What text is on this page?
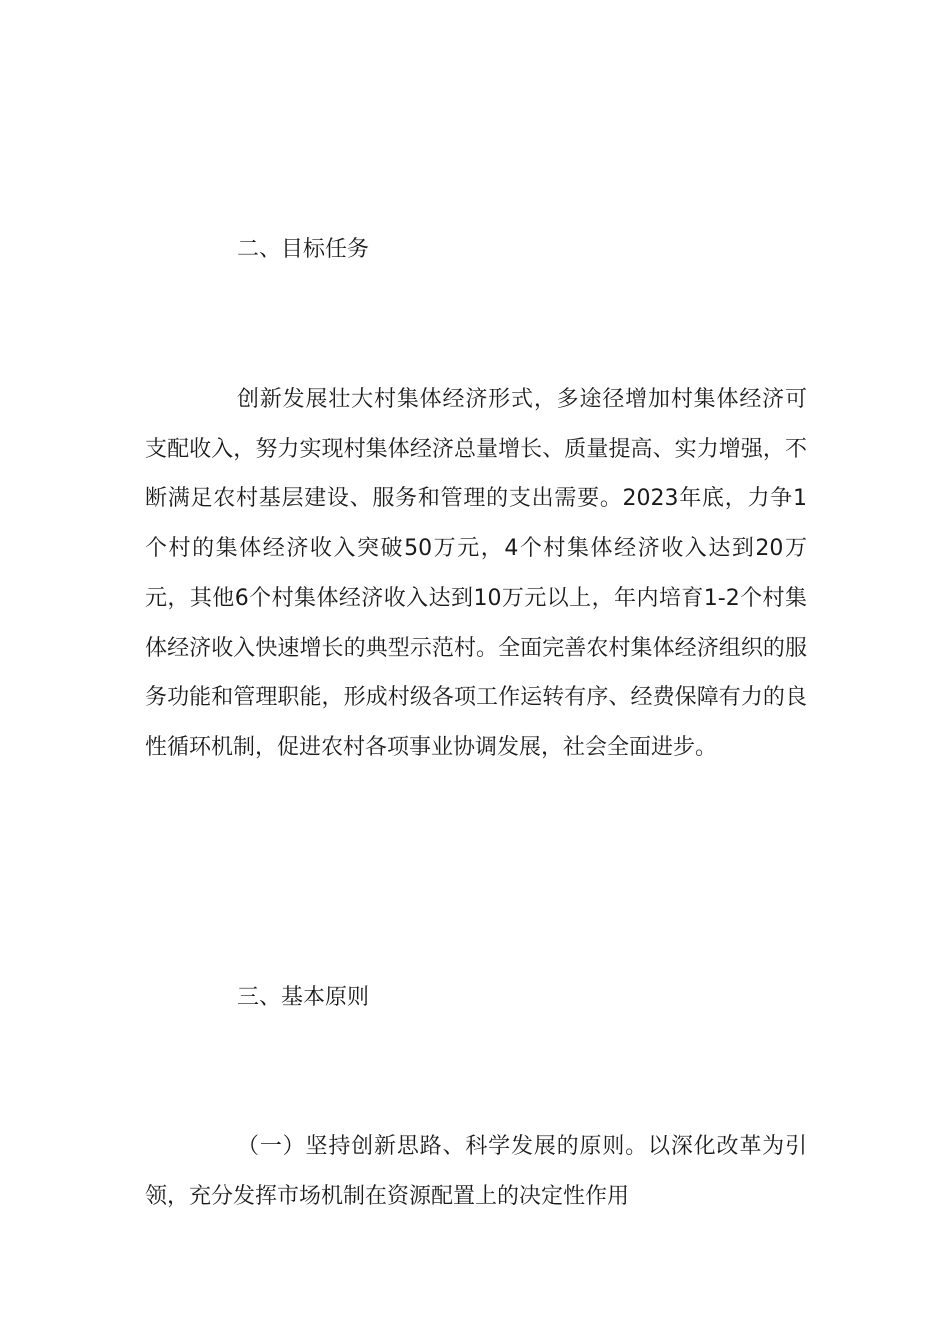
二、目标任务
创新发展壮大村集体经济形式，多途径增加村集体经济可支配收入，努力实现村集体经济总量增长、质量提高、实力增强，不断满足农村基层建设、服务和管理的支出需要。2023年底，力争1个村的集体经济收入突破50万元，4个村集体经济收入达到20万元，其他6个村集体经济收入达到10万元以上，年内培育1-2个村集体经济收入快速增长的典型示范村。全面完善农村集体经济组织的服务功能和管理职能，形成村级各项工作运转有序、经费保障有力的良性循环机制，促进农村各项事业协调发展，社会全面进步。
三、基本原则
（一）坚持创新思路、科学发展的原则。以深化改革为引领，充分发挥市场机制在资源配置上的决定性作用
